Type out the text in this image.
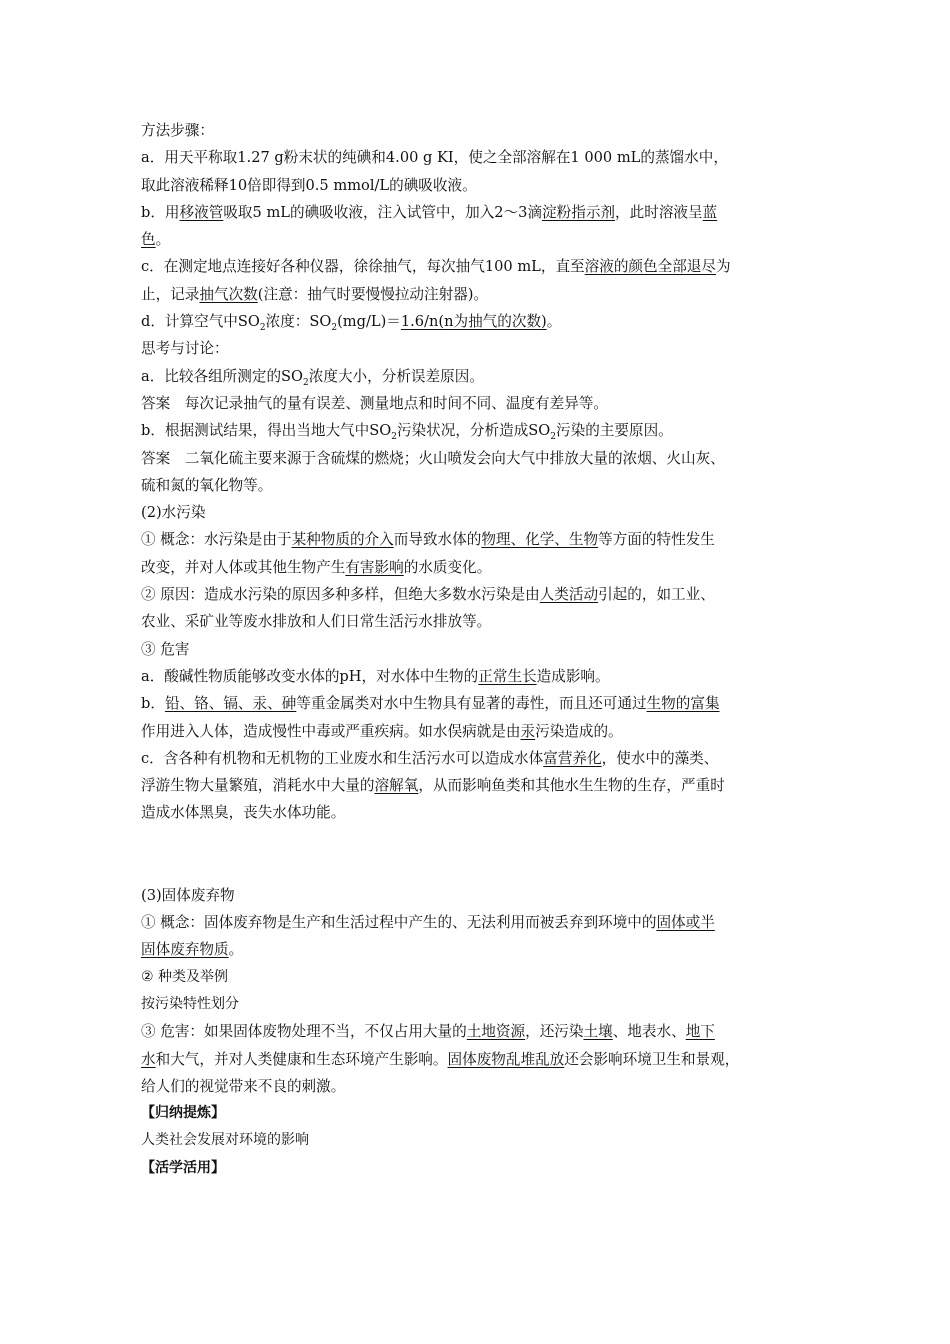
方法步骤：
a．用天平称取1.27 g粉末状的纯碘和4.00 g KI，使之全部溶解在1 000 mL的蒸馏水中，
取此溶液稀释10倍即得到0.5 mmol/L的碘吸收液。
b．用移液管吸取5 mL的碘吸收液，注入试管中，加入2～3滴淀粉指示剂，此时溶液呈蓝
色。
c．在测定地点连接好各种仪器，徐徐抽气，每次抽气100 mL，直至溶液的颜色全部退尽为
止，记录抽气次数(注意：抽气时要慢慢拉动注射器)。
d．计算空气中$SO_2$浓度：$SO_2(mg/L)=1.6/n(n$为抽气的次数)。
思考与讨论：
a．比较各组所测定的$SO_2$浓度大小，分析误差原因。
答案　每次记录抽气的量有误差、测量地点和时间不同、温度有差异等。
b．根据测试结果，得出当地大气中$SO_2$污染状况，分析造成$SO_2$污染的主要原因。
答案　二氧化硫主要来源于含硫煤的燃烧；火山喷发会向大气中排放大量的浓烟、火山灰、
硫和氮的氧化物等。
(2)水污染
① 概念：水污染是由于某种物质的介入而导致水体的物理、化学、生物等方面的特性发生
改变，并对人体或其他生物产生有害影响的水质变化。
② 原因：造成水污染的原因多种多样，但绝大多数水污染是由人类活动引起的，如工业、
农业、采矿业等废水排放和人们日常生活污水排放等。
③ 危害
a．酸碱性物质能够改变水体的pH，对水体中生物的正常生长造成影响。
b．铅、铬、镉、汞、砷等重金属类对水中生物具有显著的毒性，而且还可通过生物的富集
作用进入人体，造成慢性中毒或严重疾病。如水俣病就是由汞污染造成的。
c．含各种有机物和无机物的工业废水和生活污水可以造成水体富营养化，使水中的藻类、
浮游生物大量繁殖，消耗水中大量的溶解氧，从而影响鱼类和其他水生生物的生存，严重时
造成水体黑臭，丧失水体功能。
(3)固体废弃物
① 概念：固体废弃物是生产和生活过程中产生的、无法利用而被丢弃到环境中的固体或半
固体废弃物质。
② 种类及举例
按污染特性划分
③ 危害：如果固体废物处理不当，不仅占用大量的土地资源，还污染土壤、地表水、地下
水和大气，并对人类健康和生态环境产生影响。固体废物乱堆乱放还会影响环境卫生和景观，
给人们的视觉带来不良的刺激。
【归纳提炼】
人类社会发展对环境的影响
【活学活用】
